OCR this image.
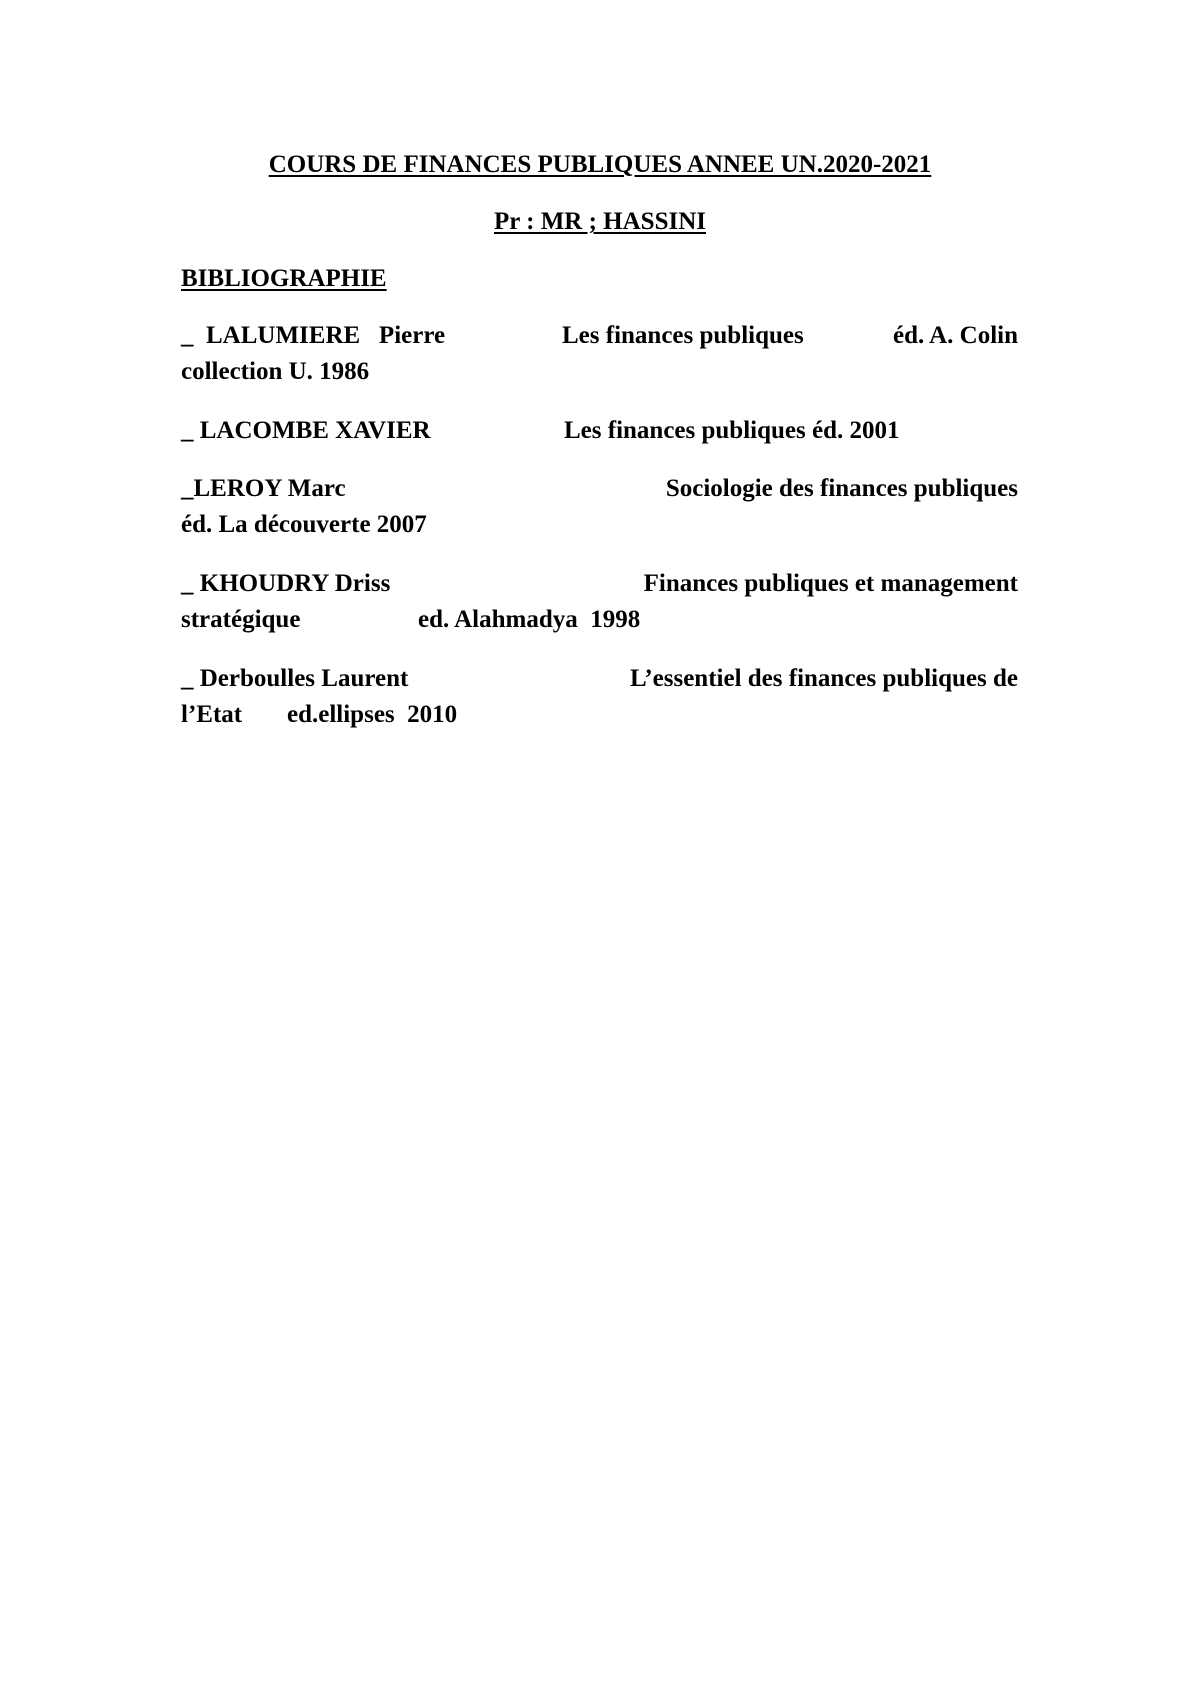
COURS DE FINANCES PUBLIQUES ANNEE UN.2020-2021
Pr : MR ; HASSINI
BIBLIOGRAPHIE

_  LALUMIERE   Pierre

	Les finances publiques

	éd. A. Colin

collection U. 1986

_ LACOMBE XAVIER

	Les finances publiques éd. 2001

_LEROY Marc

	Sociologie des finances publiques

éd. La découverte 2007

_ KHOUDRY Driss

	Finances publiques et management

stratégique

	ed. Alahmadya  1998

_ Derboulles Laurent

	L’essentiel des finances publiques de

l’Etat

ed.ellipses  2010
